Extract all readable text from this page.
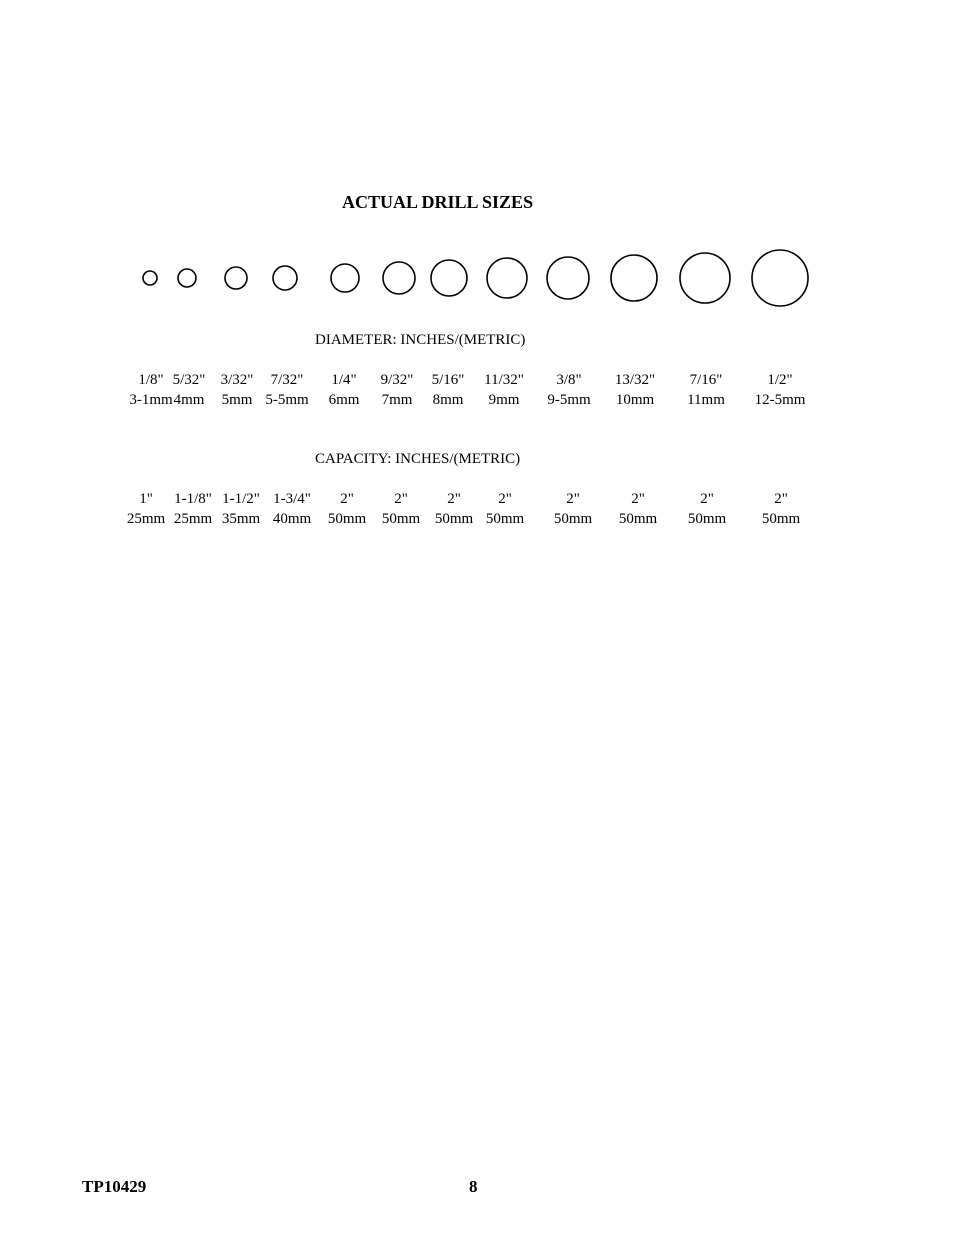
ACTUAL DRILL SIZES
DIAMETER: INCHES/(METRIC)
1/8"
3-1mm
5/32"
4mm
3/32"
5mm
7/32"
5-5mm
1/4"
6mm
9/32"
7mm
5/16"
8mm
11/32"
9mm
3/8"
9-5mm
13/32"
10mm
7/16"
11mm
1/2"
12-5mm
CAPACITY: INCHES/(METRIC)
1"
25mm
1-1/8"
25mm
1-1/2"
35mm
1-3/4"
40mm
2"
50mm
2"
50mm
2"
50mm
2"
50mm
2"
50mm
2"
50mm
2"
50mm
2"
50mm
TP10429	8
